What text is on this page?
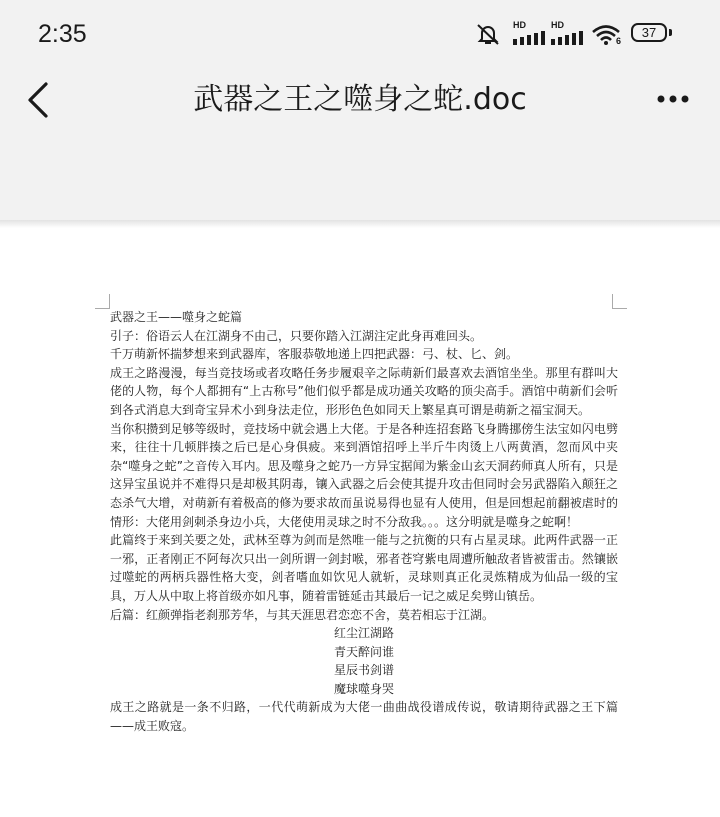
2:35	HD	HD
6
37
武器之王之噬身之蛇.doc

武器之王——噬身之蛇篇

引子：俗语云人在江湖身不由己，只要你踏入江湖注定此身再难回头。

千万萌新怀揣梦想来到武器库，客服恭敬地递上四把武器：弓、杖、匕、剑。

成王之路漫漫，每当竞技场或者攻略任务步履艰辛之际萌新们最喜欢去酒馆坐坐。那里有群叫大佬的人物，每个人都拥有“上古称号”他们似乎都是成功通关攻略的顶尖高手。酒馆中萌新们会听到各式消息大到奇宝异术小到身法走位，形形色色如同天上繁星真可谓是萌新之福宝洞天。

当你积攒到足够等级时，竞技场中就会遇上大佬。于是各种连招套路飞身腾挪傍生法宝如闪电劈来，往往十几顿胖揍之后已是心身俱疲。来到酒馆招呼上半斤牛肉烫上八两黄酒，忽而风中夹杂“噬身之蛇”之音传入耳内。思及噬身之蛇乃一方异宝据闻为紫金山玄天洞药师真人所有，只是这异宝虽说并不难得只是却极其阴毒，镶入武器之后会使其提升攻击但同时会另武器陷入颠狂之态杀气大增，对萌新有着极高的修为要求故而虽说易得也显有人使用，但是回想起前翻被虐时的情形：大佬用剑刺杀身边小兵，大佬使用灵球之时不分敌我。。。这分明就是噬身之蛇啊！

此篇终于来到关要之处，武林至尊为剑而是然唯一能与之抗衡的只有占星灵球。此两件武器一正一邪，正者刚正不阿每次只出一剑所谓一剑封喉，邪者苍穹紫电周遭所触敌者皆被雷击。然镶嵌过噬蛇的两柄兵器性格大变，剑者嗜血如饮见人就斩，灵球则真正化灵炼精成为仙品一级的宝具，万人从中取上将首级亦如凡事，随着雷链延击其最后一记之威足矣劈山镇岳。

后篇：红颜弹指老刹那芳华，与其天涯思君恋恋不舍，莫若相忘于江湖。

红尘江湖路

青天醉问谁

星辰书剑谱

魔球噬身哭

成王之路就是一条不归路，一代代萌新成为大佬一曲曲战役谱成传说，敬请期待武器之王下篇——成王败寇。
